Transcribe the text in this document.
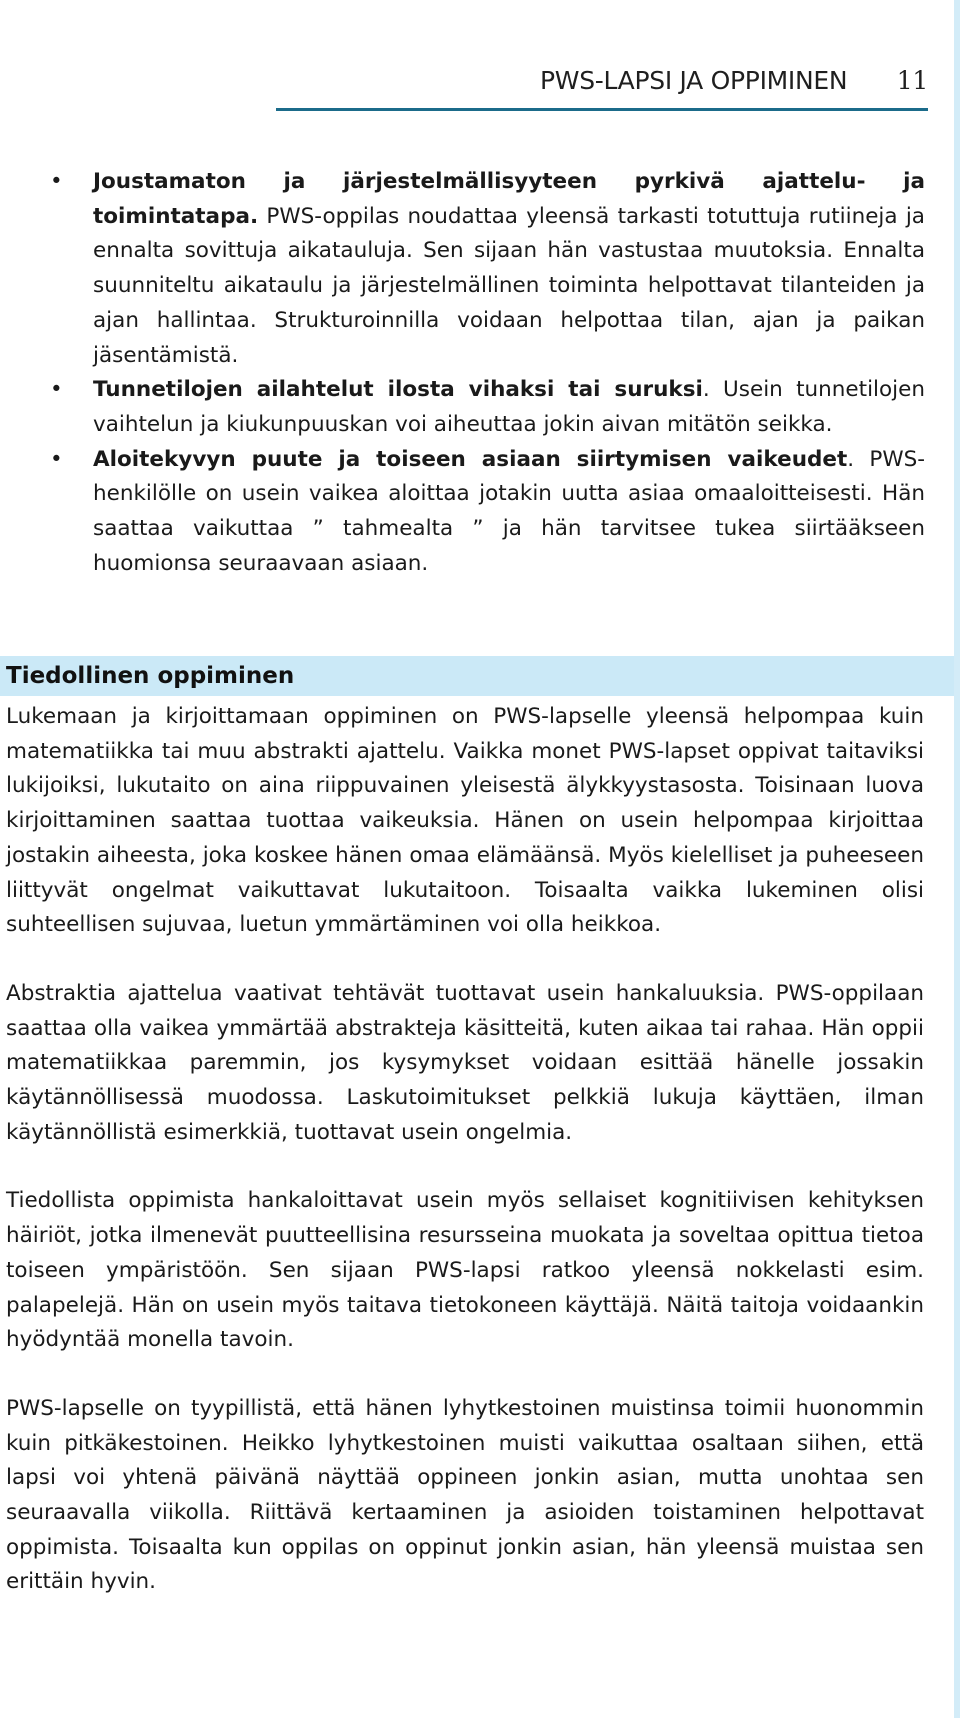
PWS-LAPSI JA OPPIMINEN 11
•	Joustamaton ja järjestelmällisyyteen pyrkivä ajattelu- ja toimintatapa. PWS-oppilas noudattaa yleensä tarkasti totuttuja rutiineja ja ennalta sovittuja aikatauluja. Sen sijaan hän vastustaa muutoksia. Ennalta suunniteltu aikataulu ja järjestelmällinen toiminta helpottavat tilanteiden ja ajan hallintaa. Strukturoinnilla voidaan helpottaa tilan, ajan ja paikan jäsentämistä.
•	Tunnetilojen ailahtelut ilosta vihaksi tai suruksi. Usein tunnetilojen vaihtelun ja kiukunpuuskan voi aiheuttaa jokin aivan mitätön seikka.
•	Aloitekyvyn puute ja toiseen asiaan siirtymisen vaikeudet. PWS-henkilölle on usein vaikea aloittaa jotakin uutta asiaa omaaloitteisesti. Hän saattaa vaikuttaa ” tahmealta ” ja hän tarvitsee tukea siirtääkseen huomionsa seuraavaan asiaan.
Tiedollinen oppiminen

Lukemaan ja kirjoittamaan oppiminen on PWS-lapselle yleensä helpompaa kuin matematiikka tai muu abstrakti ajattelu. Vaikka monet PWS-lapset oppivat taitaviksi lukijoiksi, lukutaito on aina riippuvainen yleisestä älykkyystasosta. Toisinaan luova kirjoittaminen saattaa tuottaa vaikeuksia. Hänen on usein helpompaa kirjoittaa jostakin aiheesta, joka koskee hänen omaa elämäänsä. Myös kielelliset ja puheeseen liittyvät ongelmat vaikuttavat lukutaitoon. Toisaalta vaikka lukeminen olisi suhteellisen sujuvaa, luetun ymmärtäminen voi olla heikkoa.

Abstraktia ajattelua vaativat tehtävät tuottavat usein hankaluuksia. PWS-oppilaan saattaa olla vaikea ymmärtää abstrakteja käsitteitä, kuten aikaa tai rahaa. Hän oppii matematiikkaa paremmin, jos kysymykset voidaan esittää hänelle jossakin käytännöllisessä muodossa. Laskutoimitukset pelkkiä lukuja käyttäen, ilman käytännöllistä esimerkkiä, tuottavat usein ongelmia.

Tiedollista oppimista hankaloittavat usein myös sellaiset kognitiivisen kehityksen häiriöt, jotka ilmenevät puutteellisina resursseina muokata ja soveltaa opittua tietoa toiseen ympäristöön. Sen sijaan PWS-lapsi ratkoo yleensä nokkelasti esim. palapelejä. Hän on usein myös taitava tietokoneen käyttäjä. Näitä taitoja voidaankin hyödyntää monella tavoin.

PWS-lapselle on tyypillistä, että hänen lyhytkestoinen muistinsa toimii huonommin kuin pitkäkestoinen. Heikko lyhytkestoinen muisti vaikuttaa osaltaan siihen, että lapsi voi yhtenä päivänä näyttää oppineen jonkin asian, mutta unohtaa sen seuraavalla viikolla. Riittävä kertaaminen ja asioiden toistaminen helpottavat oppimista. Toisaalta kun oppilas on oppinut jonkin asian, hän yleensä muistaa sen erittäin hyvin.
